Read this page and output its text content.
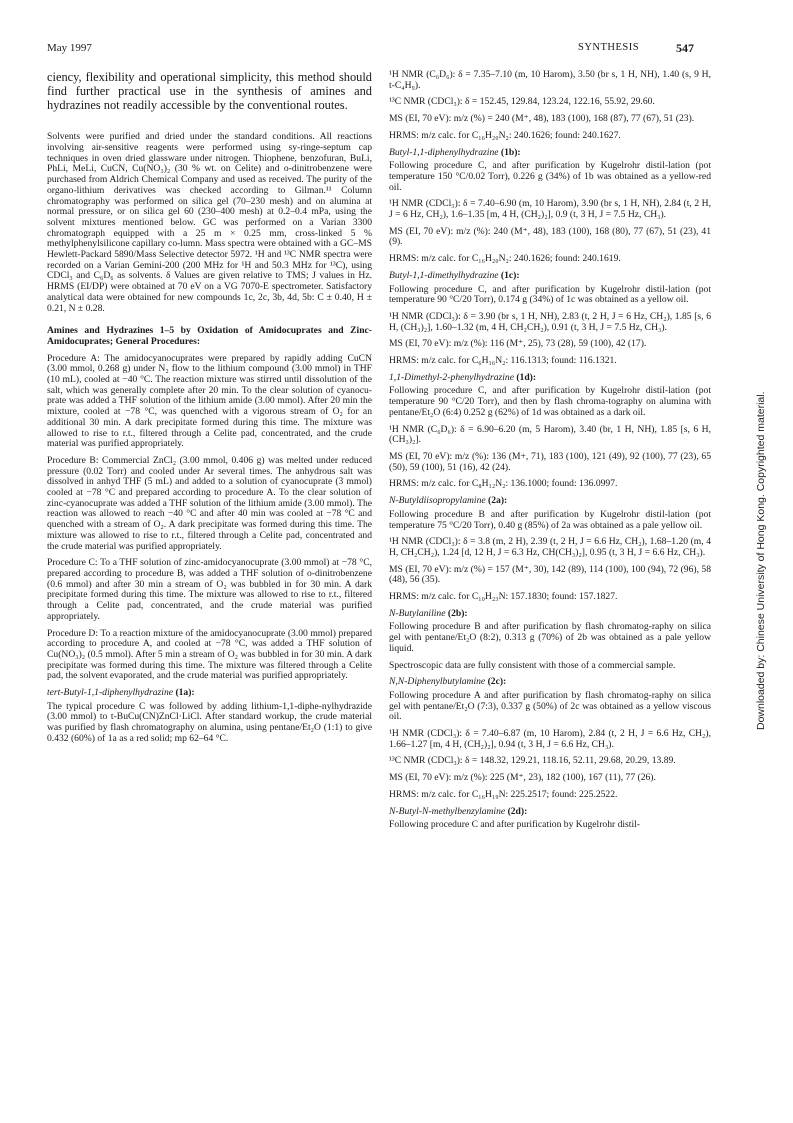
May 1997	SYNTHESIS	547

ciency, flexibility and operational simplicity, this method should find further practical use in the synthesis of amines and hydrazines not readily accessible by the conventional routes.

Solvents were purified and dried under the standard conditions. All reactions involving air-sensitive reagents were performed using sy-ringe-septum cap techniques in oven dried glassware under nitrogen. Thiophene, benzofuran, BuLi, PhLi, MeLi, CuCN, Cu(NO₃)₂ (30 % wt. on Celite) and o-dinitrobenzene were purchased from Aldrich Chemical Company and used as received. The purity of the organo-lithium derivatives was checked according to Gilman.¹¹ Column chromatography was performed on silica gel (70–230 mesh) and on alumina at normal pressure, or on silica gel 60 (230–400 mesh) at 0.2–0.4 mPa, using the solvent mixtures mentioned below. GC was performed on a Varian 3300 chromatograph equipped with a 25 m × 0.25 mm, cross-linked 5 % methylphenylsilicone capillary co-lumn. Mass spectra were obtained with a GC–MS Hewlett-Packard 5890/Mass Selective detector 5972. ¹H and ¹³C NMR spectra were recorded on a Varian Gemini-200 (200 MHz for ¹H and 50.3 MHz for ¹³C), using CDCl₃ and C₆D₆ as solvents. δ Values are given relative to TMS; J values in Hz. HRMS (EI/DP) were obtained at 70 eV on a VG 7070-E spectrometer. Satisfactory analytical data were obtained for new compounds 1c, 2c, 3b, 4d, 5b: C ± 0.40, H ± 0.21, N ± 0.28.

Amines and Hydrazines 1–5 by Oxidation of Amidocuprates and Zinc-Amidocuprates; General Procedures:

Procedure A: The amidocyanocuprates were prepared by rapidly adding CuCN (3.00 mmol, 0.268 g) under N₂ flow to the lithium compound (3.00 mmol) in THF (10 mL), cooled at −40 °C. The reaction mixture was stirred until dissolution of the salt, which was generally complete after 20 min. To the clear solution of cyanocu-prate was added a THF solution of the lithium amide (3.00 mmol). After 20 min the mixture, cooled at −78 °C, was quenched with a vigorous stream of O₂ for an additional 30 min. A dark precipitate formed during this time. The mixture was allowed to rise to r.t., filtered through a Celite pad, concentrated, and the crude material was purified appropriately.

Procedure B: Commercial ZnCl₂ (3.00 mmol, 0.406 g) was melted under reduced pressure (0.02 Torr) and cooled under Ar several times. The anhydrous salt was dissolved in anhyd THF (5 mL) and added to a solution of cyanocuprate (3 mmol) cooled at −78 °C and prepared according to procedure A. To the clear solution of zinc-cyanocuprate was added a THF solution of the lithium amide (3.00 mmol). The reaction was allowed to reach −40 °C and after 40 min was cooled at −78 °C and quenched with a stream of O₂. A dark precipitate was formed during this time. The mixture was allowed to rise to r.t., filtered through a Celite pad, concentrated and the crude material was purified appropriately.

Procedure C: To a THF solution of zinc-amidocyanocuprate (3.00 mmol) at −78 °C, prepared according to procedure B, was added a THF solution of o-dinitrobenzene (0.6 mmol) and after 30 min a stream of O₂ was bubbled in for 30 min. A dark precipitate formed during this time. The mixture was allowed to rise to r.t., filtered through a Celite pad, concentrated, and the crude material was purified appropriately.

Procedure D: To a reaction mixture of the amidocyanocuprate (3.00 mmol) prepared according to procedure A, and cooled at −78 °C, was added a THF solution of Cu(NO₃)₂ (0.5 mmol). After 5 min a stream of O₂ was bubbled in for 30 min. A dark precipitate was formed during this time. The mixture was filtered through a Celite pad, the solvent evaporated, and the crude material was purified appropriately.

tert-Butyl-1,1-diphenylhydrazine (1a):

The typical procedure C was followed by adding lithium-1,1-diphe-nylhydrazide (3.00 mmol) to t-BuCu(CN)ZnCl·LiCl. After standard workup, the crude material was purified by flash chromatography on alumina, using pentane/Et₂O (1:1) to give 0.432 (60%) of 1a as a red solid; mp 62–64 °C.

¹H NMR (C₆D₆): δ = 7.35–7.10 (m, 10 Harom), 3.50 (br s, 1 H, NH), 1.40 (s, 9 H, t-C₄H₉).

¹³C NMR (CDCl₃): δ = 152.45, 129.84, 123.24, 122.16, 55.92, 29.60.

MS (EI, 70 eV): m/z (%) = 240 (M⁺, 48), 183 (100), 168 (87), 77 (67), 51 (23).

HRMS: m/z calc. for C₁₆H₂₀N₂: 240.1626; found: 240.1627.

Butyl-1,1-diphenylhydrazine (1b):

Following procedure C, and after purification by Kugelrohr distil-lation (pot temperature 150 °C/0.02 Torr), 0.226 g (34%) of 1b was obtained as a yellow-red oil.

¹H NMR (CDCl₃): δ = 7.40–6.90 (m, 10 Harom), 3.90 (br s, 1 H, NH), 2.84 (t, 2 H, J = 6 Hz, CH₂), 1.6–1.35 [m, 4 H, (CH₂)₂], 0.9 (t, 3 H, J = 7.5 Hz, CH₃).

MS (EI, 70 eV): m/z (%): 240 (M⁺, 48), 183 (100), 168 (80), 77 (67), 51 (23), 41 (9).

HRMS: m/z calc. for C₁₆H₂₀N₂: 240.1626; found: 240.1619.

Butyl-1,1-dimethylhydrazine (1c):

Following procedure C, and after purification by Kugelrohr distil-lation (pot temperature 90 °C/20 Torr), 0.174 g (34%) of 1c was obtained as a yellow oil.

¹H NMR (CDCl₃): δ = 3.90 (br s, 1 H, NH), 2.83 (t, 2 H, J = 6 Hz, CH₂), 1.85 [s, 6 H, (CH₃)₂], 1.60–1.32 (m, 4 H, CH₂CH₂), 0.91 (t, 3 H, J = 7.5 Hz, CH₃).

MS (EI, 70 eV): m/z (%): 116 (M⁺, 25), 73 (28), 59 (100), 42 (17).

HRMS: m/z calc. for C₆H₁₆N₂: 116.1313; found: 116.1321.

1,1-Dimethyl-2-phenylhydrazine (1d):

Following procedure C, and after purification by Kugelrohr distil-lation (pot temperature 90 °C/20 Torr), and then by flash chroma-tography on alumina with pentane/Et₂O (6:4) 0.252 g (62%) of 1d was obtained as a dark oil.

¹H NMR (C₆D₆): δ = 6.90–6.20 (m, 5 Harom), 3.40 (br, 1 H, NH), 1.85 [s, 6 H, (CH₃)₂].

MS (EI, 70 eV): m/z (%): 136 (M+, 71), 183 (100), 121 (49), 92 (100), 77 (23), 65 (50), 59 (100), 51 (16), 42 (24).

HRMS: m/z calc. for C₈H₁₂N₂: 136.1000; found: 136.0997.

N-Butyldiisopropylamine (2a):

Following procedure B and after purification by Kugelrohr distil-lation (pot temperature 75 °C/20 Torr), 0.40 g (85%) of 2a was obtained as a pale yellow oil.

¹H NMR (CDCl₃): δ = 3.8 (m, 2 H), 2.39 (t, 2 H, J = 6.6 Hz, CH₂), 1.68–1.20 (m, 4 H, CH₂CH₂), 1.24 [d, 12 H, J = 6.3 Hz, CH(CH₃)₂], 0.95 (t, 3 H, J = 6.6 Hz, CH₃).

MS (EI, 70 eV): m/z (%) = 157 (M⁺, 30), 142 (89), 114 (100), 100 (94), 72 (96), 58 (48), 56 (35).

HRMS: m/z calc. for C₁₀H₂₃N: 157.1830; found: 157.1827.

N-Butylaniline (2b):

Following procedure B and after purification by flash chromatog-raphy on silica gel with pentane/Et₂O (8:2), 0.313 g (70%) of 2b was obtained as a pale yellow liquid.

Spectroscopic data are fully consistent with those of a commercial sample.

N,N-Diphenylbutylamine (2c):

Following procedure A and after purification by flash chromatog-raphy on silica gel with pentane/Et₂O (7:3), 0.337 g (50%) of 2c was obtained as a yellow viscous oil.

¹H NMR (CDCl₃): δ = 7.40–6.87 (m, 10 Harom), 2.84 (t, 2 H, J = 6.6 Hz, CH₂), 1.66–1.27 [m, 4 H, (CH₂)₂], 0.94 (t, 3 H, J = 6.6 Hz, CH₃).

¹³C NMR (CDCl₃): δ = 148.32, 129.21, 118.16, 52.11, 29.68, 20.29, 13.89.

MS (EI, 70 eV): m/z (%): 225 (M⁺, 23), 182 (100), 167 (11), 77 (26).

HRMS: m/z calc. for C₁₆H₁₉N: 225.2517; found: 225.2522.

N-Butyl-N-methylbenzylamine (2d):

Following procedure C and after purification by Kugelrohr distil-

Downloaded by: Chinese University of Hong Kong. Copyrighted material.
